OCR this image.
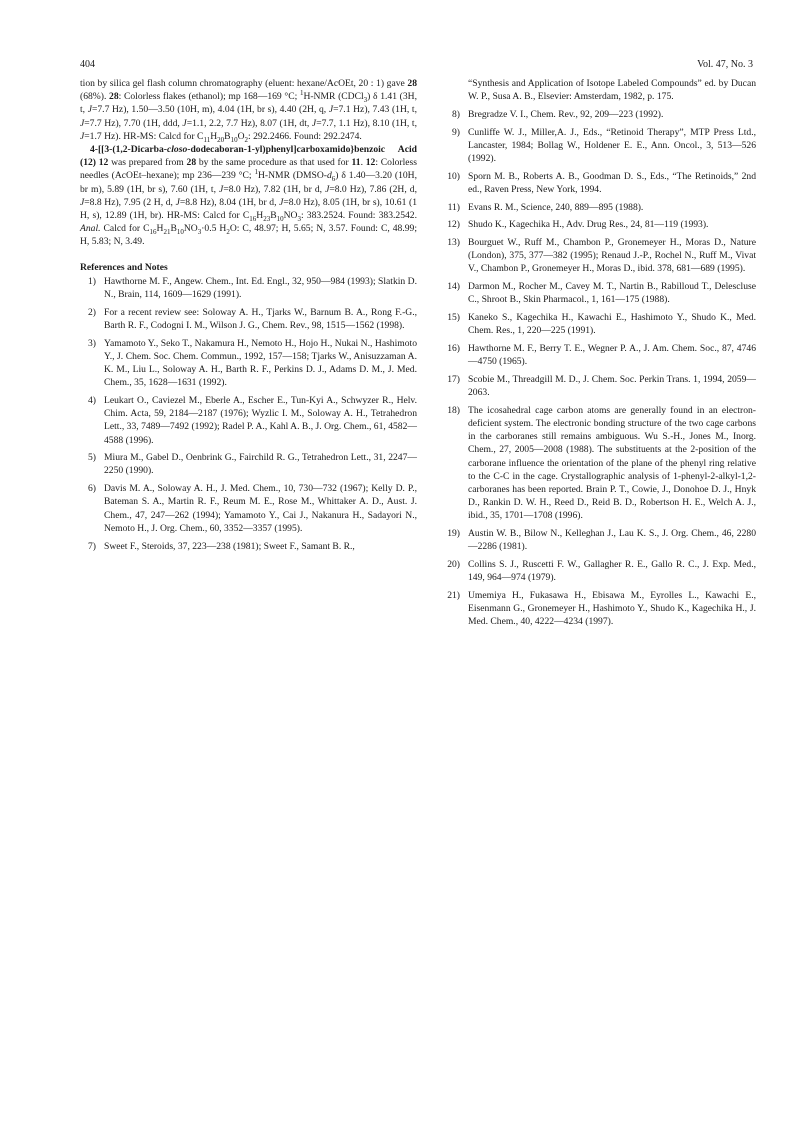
404	Vol. 47, No. 3

tion by silica gel flash column chromatography (eluent: hexane/AcOEt, 20 : 1) gave 28 (68%). 28: Colorless flakes (ethanol); mp 168—169 °C; $^1$H-NMR (CDCl$_3$) δ 1.41 (3H, t, J=7.7 Hz), 1.50—3.50 (10H, m), 4.04 (1H, br s), 4.40 (2H, q, J=7.1 Hz), 7.43 (1H, t, J=7.7 Hz), 7.70 (1H, ddd, J=1.1, 2.2, 7.7 Hz), 8.07 (1H, dt, J=7.7, 1.1 Hz), 8.10 (1H, t, J=1.7 Hz). HR-MS: Calcd for $C_{11}H_{20}B_{10}O_2$: 292.2466. Found: 292.2474.

4-[[3-(1,2-Dicarba-closo-dodecaboran-1-yl)phenyl]carboxamido}benzoic Acid (12) 12 was prepared from 28 by the same procedure as that used for 11. 12: Colorless needles (AcOEt–hexane); mp 236—239 °C; $^1$H-NMR $(DMSO-d_6)$ δ 1.40—3.20 (10H, br m), 5.89 (1H, br s), 7.60 (1H, t, J=8.0 Hz), 7.82 (1H, br d, J=8.0 Hz), 7.86 (2H, d, J=8.8 Hz), 7.95 (2 H, d, J=8.8 Hz), 8.04 (1H, br d, J=8.0 Hz), 8.05 (1H, br s), 10.61 (1 H, s), 12.89 (1H, br). HR-MS: Calcd for $C_{16}H_{23}B_{10}NO_3$: 383.2524. Found: 383.2542. Anal. Calcd for $C_{16}H_{21}B_{10}NO_3\cdot 0.5$ $H_2O$: C, 48.97; H, 5.65; N, 3.57. Found: C, 48.99; H, 5.83; N, 3.49.

References and Notes
1) Hawthorne M. F., Angew. Chem., Int. Ed. Engl., 32, 950—984 (1993); Slatkin D. N., Brain, 114, 1609—1629 (1991).
2) For a recent review see: Soloway A. H., Tjarks W., Barnum B. A., Rong F.-G., Barth R. F., Codogni I. M., Wilson J. G., Chem. Rev., 98, 1515—1562 (1998).
3) Yamamoto Y., Seko T., Nakamura H., Nemoto H., Hojo H., Nukai N., Hashimoto Y., J. Chem. Soc. Chem. Commun., 1992, 157—158; Tjarks W., Anisuzzaman A. K. M., Liu L., Soloway A. H., Barth R. F., Perkins D. J., Adams D. M., J. Med. Chem., 35, 1628—1631 (1992).
4) Leukart O., Caviezel M., Eberle A., Escher E., Tun-Kyi A., Schwyzer R., Helv. Chim. Acta, 59, 2184—2187 (1976); Wyzlic I. M., Soloway A. H., Tetrahedron Lett., 33, 7489—7492 (1992); Radel P. A., Kahl A. B., J. Org. Chem., 61, 4582—4588 (1996).
5) Miura M., Gabel D., Oenbrink G., Fairchild R. G., Tetrahedron Lett., 31, 2247—2250 (1990).
6) Davis M. A., Soloway A. H., J. Med. Chem., 10, 730—732 (1967); Kelly D. P., Bateman S. A., Martin R. F., Reum M. E., Rose M., Whittaker A. D., Aust. J. Chem., 47, 247—262 (1994); Yamamoto Y., Cai J., Nakanura H., Sadayori N., Nemoto H., J. Org. Chem., 60, 3352—3357 (1995).
7) Sweet F., Steroids, 37, 223—238 (1981); Sweet F., Samant B. R.,

“Synthesis and Application of Isotope Labeled Compounds” ed. by Ducan W. P., Susa A. B., Elsevier: Amsterdam, 1982, p. 175.

8) Bregradze V. I., Chem. Rev., 92, 209—223 (1992).
9) Cunliffe W. J., Miller,A. J., Eds., “Retinoid Therapy”, MTP Press Ltd., Lancaster, 1984; Bollag W., Holdener E. E., Ann. Oncol., 3, 513—526 (1992).
10) Sporn M. B., Roberts A. B., Goodman D. S., Eds., “The Retinoids,” 2nd ed., Raven Press, New York, 1994.
11) Evans R. M., Science, 240, 889—895 (1988).
12) Shudo K., Kagechika H., Adv. Drug Res., 24, 81—119 (1993).
13) Bourguet W., Ruff M., Chambon P., Gronemeyer H., Moras D., Nature (London), 375, 377—382 (1995); Renaud J.-P., Rochel N., Ruff M., Vivat V., Chambon P., Gronemeyer H., Moras D., ibid. 378, 681—689 (1995).
14) Darmon M., Rocher M., Cavey M. T., Nartin B., Rabilloud T., Delescluse C., Shroot B., Skin Pharmacol., 1, 161—175 (1988).
15) Kaneko S., Kagechika H., Kawachi E., Hashimoto Y., Shudo K., Med. Chem. Res., 1, 220—225 (1991).
16) Hawthorne M. F., Berry T. E., Wegner P. A., J. Am. Chem. Soc., 87, 4746—4750 (1965).
17) Scobie M., Threadgill M. D., J. Chem. Soc. Perkin Trans. 1, 1994, 2059—2063.
18) The icosahedral cage carbon atoms are generally found in an electron-deficient system. The electronic bonding structure of the two cage carbons in the carboranes still remains ambiguous. Wu S.-H., Jones M., Inorg. Chem., 27, 2005—2008 (1988). The substituents at the 2-position of the carborane influence the orientation of the plane of the phenyl ring relative to the C-C in the cage. Crystallographic analysis of 1-phenyl-2-alkyl-1,2-carboranes has been reported. Brain P. T., Cowie, J., Donohoe D. J., Hnyk D., Rankin D. W. H., Reed D., Reid B. D., Robertson H. E., Welch A. J., ibid., 35, 1701—1708 (1996).
19) Austin W. B., Bilow N., Kelleghan J., Lau K. S., J. Org. Chem., 46, 2280—2286 (1981).
20) Collins S. J., Ruscetti F. W., Gallagher R. E., Gallo R. C., J. Exp. Med., 149, 964—974 (1979).
21) Umemiya H., Fukasawa H., Ebisawa M., Eyrolles L., Kawachi E., Eisenmann G., Gronemeyer H., Hashimoto Y., Shudo K., Kagechika H., J. Med. Chem., 40, 4222—4234 (1997).
